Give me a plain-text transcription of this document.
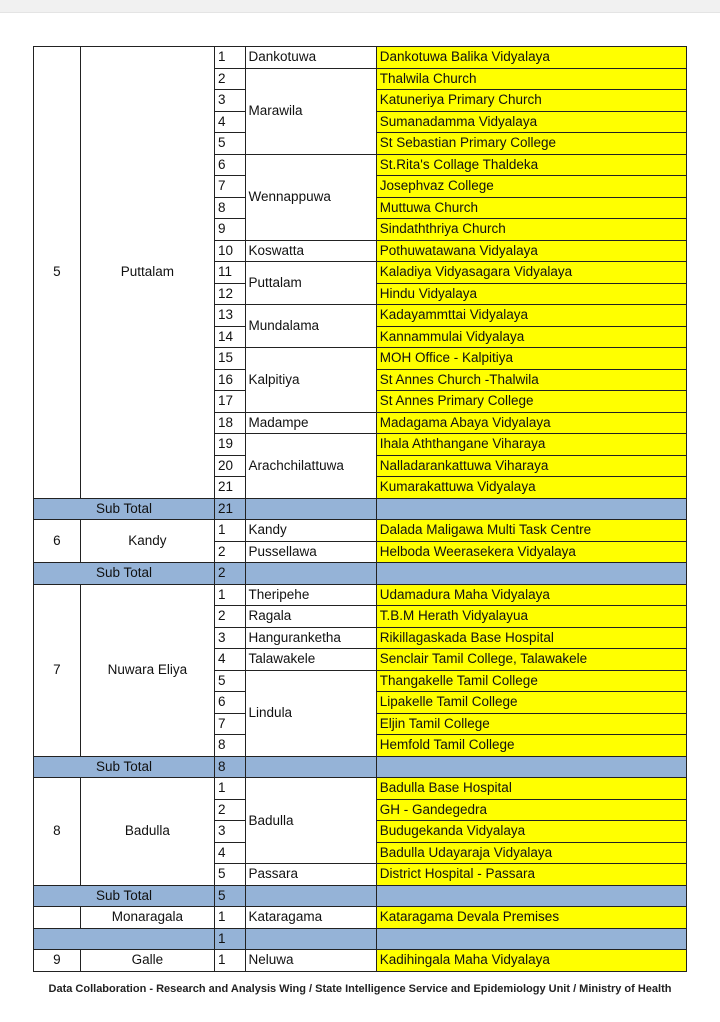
5	Puttalam	1	Dankotuwa	Dankotuwa Balika Vidyalaya
		2	Marawila	Thalwila Church
		3		Katuneriya Primary Church
		4		Sumanadamma Vidyalaya
		5		St Sebastian Primary College
		6	Wennappuwa	St.Rita's Collage Thaldeka
		7		Josephvaz College
		8		Muttuwa Church
		9		Sindaththriya Church
		10	Koswatta	Pothuwatawana Vidyalaya
		11	Puttalam	Kaladiya Vidyasagara Vidyalaya
		12		Hindu Vidyalaya
		13	Mundalama	Kadayammttai Vidyalaya
		14		Kannammulai Vidyalaya
		15	Kalpitiya	MOH Office - Kalpitiya
		16		St Annes Church -Thalwila
		17		St Annes Primary College
		18	Madampe	Madagama Abaya Vidyalaya
		19	Arachchilattuwa	Ihala Aththangane Viharaya
		20		Nalladarankattuwa Viharaya
		21		Kumarakattuwa Vidyalaya
Sub Total		21		
6	Kandy	1	Kandy	Dalada Maligawa Multi Task Centre
		2	Pussellawa	Helboda Weerasekera Vidyalaya
Sub Total		2		
7	Nuwara Eliya	1	Theripehe	Udamadura Maha Vidyalaya
		2	Ragala	T.B.M Herath Vidyalayua
		3	Hanguranketha	Rikillagaskada Base Hospital
		4	Talawakele	Senclair Tamil College, Talawakele
		5	Lindula	Thangakelle Tamil College
		6		Lipakelle Tamil College
		7		Eljin Tamil College
		8		Hemfold Tamil College
Sub Total		8		
8	Badulla	1	Badulla	Badulla Base Hospital
		2		GH - Gandegedra
		3		Budugekanda Vidyalaya
		4		Badulla Udayaraja Vidyalaya
		5	Passara	District Hospital - Passara
Sub Total		5		
	Monaragala	1	Kataragama	Kataragama Devala Premises
		1		
9	Galle	1	Neluwa	Kadihingala Maha Vidyalaya
Data Collaboration - Research and Analysis Wing / State Intelligence Service and Epidemiology Unit / Ministry of Health
